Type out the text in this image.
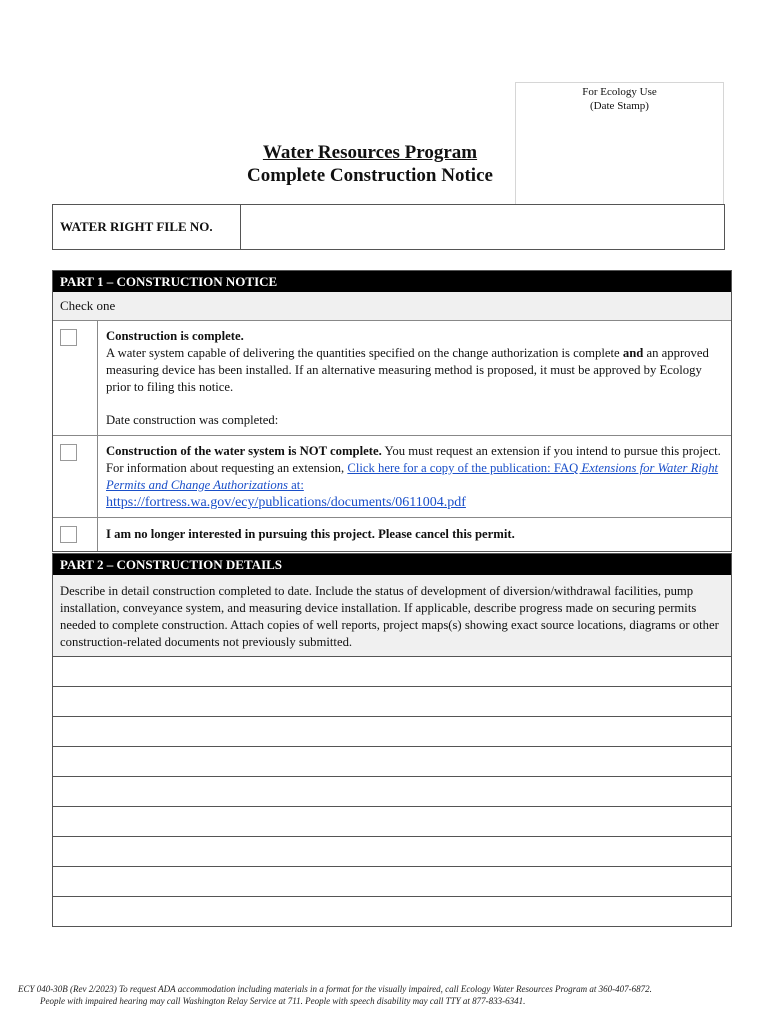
For Ecology Use
(Date Stamp)
Water Resources Program
Complete Construction Notice
WATER RIGHT FILE NO.
PART 1 – CONSTRUCTION NOTICE
Check one
Construction is complete.
A water system capable of delivering the quantities specified on the change authorization is complete and an approved measuring device has been installed. If an alternative measuring method is proposed, it must be approved by Ecology prior to filing this notice.
Date construction was completed:
Construction of the water system is NOT complete. You must request an extension if you intend to pursue this project. For information about requesting an extension, Click here for a copy of the publication: FAQ Extensions for Water Right Permits and Change Authorizations at:
https://fortress.wa.gov/ecy/publications/documents/0611004.pdf
I am no longer interested in pursuing this project. Please cancel this permit.
PART 2 – CONSTRUCTION DETAILS
Describe in detail construction completed to date. Include the status of development of diversion/withdrawal facilities, pump installation, conveyance system, and measuring device installation. If applicable, describe progress made on securing permits needed to complete construction. Attach copies of well reports, project maps(s) showing exact source locations, diagrams or other construction-related documents not previously submitted.
ECY 040-30B (Rev 2/2023) To request ADA accommodation including materials in a format for the visually impaired, call Ecology Water Resources Program at 360-407-6872.
People with impaired hearing may call Washington Relay Service at 711. People with speech disability may call TTY at 877-833-6341.
